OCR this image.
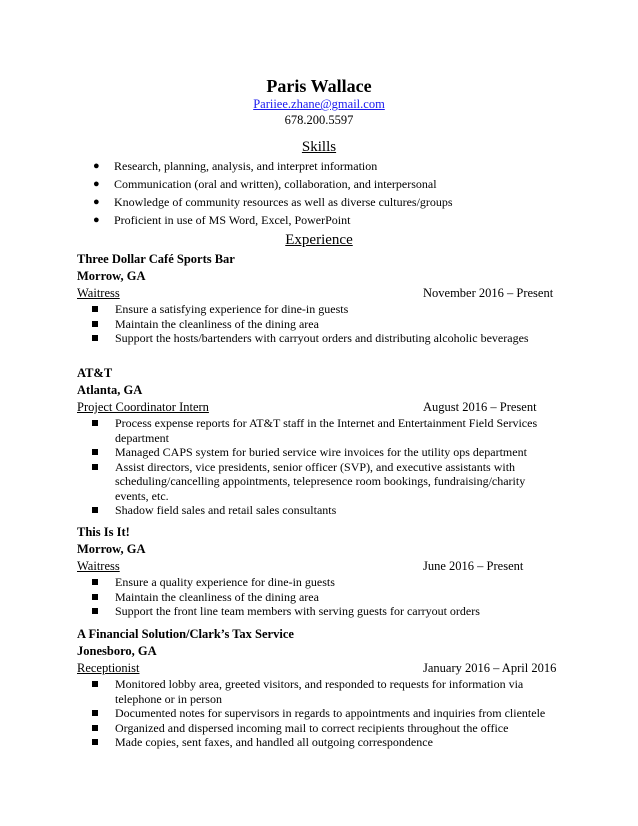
Paris Wallace
Pariiee.zhane@gmail.com
678.200.5597
Skills
● Research, planning, analysis, and interpret information
● Communication (oral and written), collaboration, and interpersonal
● Knowledge of community resources as well as diverse cultures/groups
● Proficient in use of MS Word, Excel, PowerPoint
Experience
Three Dollar Café Sports Bar
Morrow, GA
Waitress	November 2016 – Present
Ensure a satisfying experience for dine-in guests
Maintain the cleanliness of the dining area
Support the hosts/bartenders with carryout orders and distributing alcoholic beverages
AT&T
Atlanta, GA
Project Coordinator Intern	August 2016 – Present
Process expense reports for AT&T staff in the Internet and Entertainment Field Services department
Managed CAPS system for buried service wire invoices for the utility ops department
Assist directors, vice presidents, senior officer (SVP), and executive assistants with scheduling/cancelling appointments, telepresence room bookings, fundraising/charity events, etc.
Shadow field sales and retail sales consultants
This Is It!
Morrow, GA
Waitress	June 2016 – Present
Ensure a quality experience for dine-in guests
Maintain the cleanliness of the dining area
Support the front line team members with serving guests for carryout orders
A Financial Solution/Clark’s Tax Service
Jonesboro, GA
Receptionist	January 2016 – April 2016
Monitored lobby area, greeted visitors, and responded to requests for information via telephone or in person
Documented notes for supervisors in regards to appointments and inquiries from clientele
Organized and dispersed incoming mail to correct recipients throughout the office
Made copies, sent faxes, and handled all outgoing correspondence
